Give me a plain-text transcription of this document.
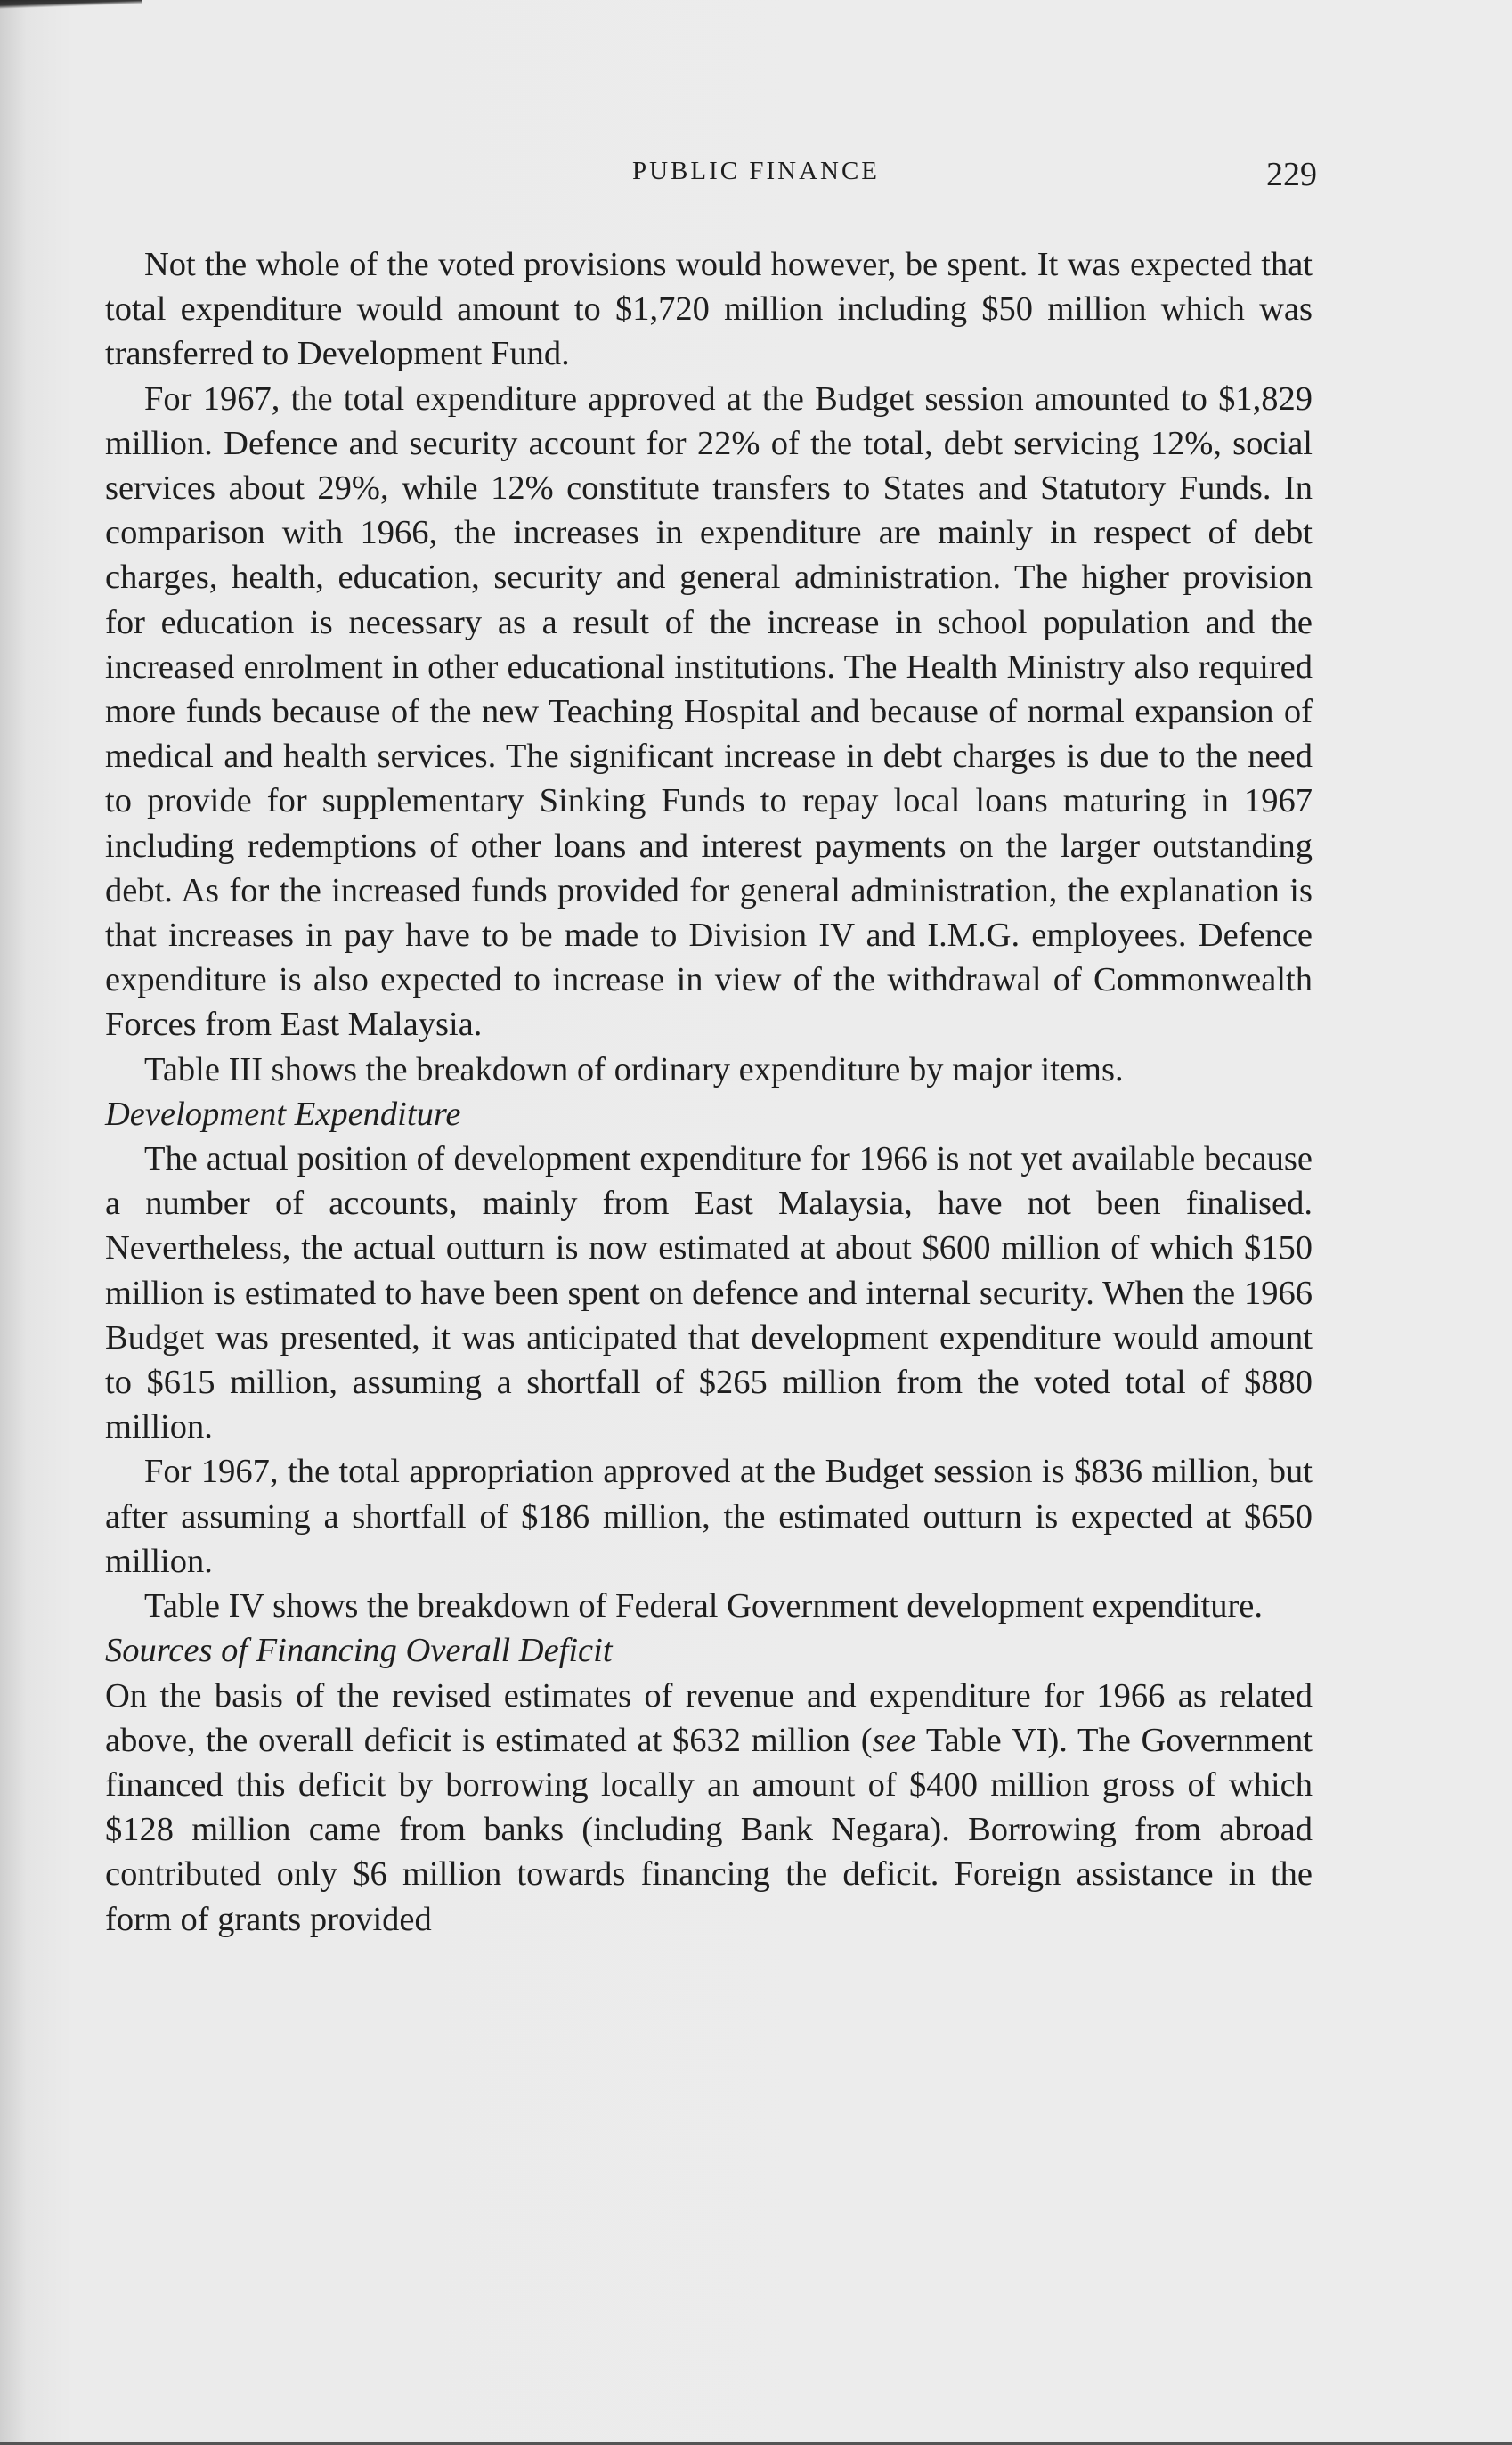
PUBLIC FINANCE	229

Not the whole of the voted provisions would however, be spent. It was expected that total expenditure would amount to $1,720 million including $50 million which was transferred to Development Fund.

For 1967, the total expenditure approved at the Budget session amounted to $1,829 million. Defence and security account for 22% of the total, debt servicing 12%, social services about 29%, while 12% constitute transfers to States and Statutory Funds. In comparison with 1966, the increases in expenditure are mainly in respect of debt charges, health, education, security and general administration. The higher provision for education is necessary as a result of the increase in school population and the increased enrolment in other educational institutions. The Health Ministry also required more funds because of the new Teaching Hospital and because of normal expansion of medical and health services. The significant increase in debt charges is due to the need to provide for supplementary Sinking Funds to repay local loans maturing in 1967 including redemptions of other loans and interest payments on the larger outstanding debt. As for the increased funds provided for general administration, the explanation is that increases in pay have to be made to Division IV and I.M.G. employees. Defence expenditure is also expected to increase in view of the withdrawal of Commonwealth Forces from East Malaysia.

Table III shows the breakdown of ordinary expenditure by major items.

Development Expenditure

The actual position of development expenditure for 1966 is not yet available because a number of accounts, mainly from East Malaysia, have not been finalised. Nevertheless, the actual outturn is now estimated at about $600 million of which $150 million is estimated to have been spent on defence and internal security. When the 1966 Budget was presented, it was anticipated that development expenditure would amount to $615 million, assuming a shortfall of $265 million from the voted total of $880 million.

For 1967, the total appropriation approved at the Budget session is $836 million, but after assuming a shortfall of $186 million, the estimated outturn is expected at $650 million.

Table IV shows the breakdown of Federal Government development expenditure.

Sources of Financing Overall Deficit

On the basis of the revised estimates of revenue and expenditure for 1966 as related above, the overall deficit is estimated at $632 million (see Table VI). The Government financed this deficit by borrowing locally an amount of $400 million gross of which $128 million came from banks (including Bank Negara). Borrowing from abroad contributed only $6 million towards financing the deficit. Foreign assistance in the form of grants provided
